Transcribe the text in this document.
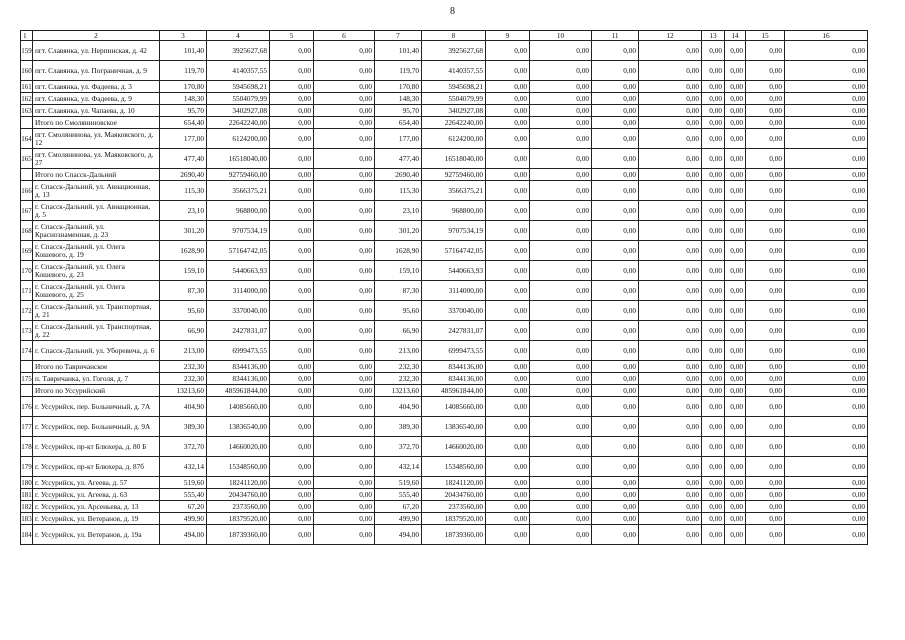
8
1	2	3	4	5	6	7	8	9	10	11	12	13	14	15	16
159	пгт. Славянка, ул. Нерпинская, д. 42	101,40	3925627,68	0,00	0,00	101,40	3925627,68	0,00	0,00	0,00	0,00	0,00	0,00	0,00	0,00
160	пгт. Славянка, ул. Пограничная, д. 9	119,70	4140357,55	0,00	0,00	119,70	4140357,55	0,00	0,00	0,00	0,00	0,00	0,00	0,00	0,00
161	пгт. Славянка, ул. Фадеева, д. 3	170,80	5945698,21	0,00	0,00	170,80	5945698,21	0,00	0,00	0,00	0,00	0,00	0,00	0,00	0,00
162	пгт. Славянка, ул. Фадеева, д. 9	148,30	5504079,99	0,00	0,00	148,30	5504079,99	0,00	0,00	0,00	0,00	0,00	0,00	0,00	0,00
163	пгт. Славянка, ул. Чапаева, д. 10	95,70	3402927,08	0,00	0,00	95,70	3402927,08	0,00	0,00	0,00	0,00	0,00	0,00	0,00	0,00
	Итого по Смоляниновское	654,40	22642240,00	0,00	0,00	654,40	22642240,00	0,00	0,00	0,00	0,00	0,00	0,00	0,00	0,00
164	пгт. Смолянинова, ул. Маяковского, д. 12	177,00	6124200,00	0,00	0,00	177,00	6124200,00	0,00	0,00	0,00	0,00	0,00	0,00	0,00	0,00
165	пгт. Смолянинова, ул. Маяковского, д. 27	477,40	16518040,00	0,00	0,00	477,40	16518040,00	0,00	0,00	0,00	0,00	0,00	0,00	0,00	0,00
	Итого по Спасск-Дальний	2690,40	92759460,00	0,00	0,00	2690,40	92759460,00	0,00	0,00	0,00	0,00	0,00	0,00	0,00	0,00
166	г. Спасск-Дальний, ул. Авиационная, д. 13	115,30	3566375,21	0,00	0,00	115,30	3566375,21	0,00	0,00	0,00	0,00	0,00	0,00	0,00	0,00
167	г. Спасск-Дальний, ул. Авиационная, д. 5	23,10	968800,00	0,00	0,00	23,10	968800,00	0,00	0,00	0,00	0,00	0,00	0,00	0,00	0,00
168	г. Спасск-Дальний, ул. Краснознаменная, д. 23	301,20	9707534,19	0,00	0,00	301,20	9707534,19	0,00	0,00	0,00	0,00	0,00	0,00	0,00	0,00
169	г. Спасск-Дальний, ул. Олега Кошевого, д. 19	1628,90	57164742,05	0,00	0,00	1628,90	57164742,05	0,00	0,00	0,00	0,00	0,00	0,00	0,00	0,00
170	г. Спасск-Дальний, ул. Олега Кошевого, д. 23	159,10	5440663,93	0,00	0,00	159,10	5440663,93	0,00	0,00	0,00	0,00	0,00	0,00	0,00	0,00
171	г. Спасск-Дальний, ул. Олега Кошевого, д. 25	87,30	3114000,00	0,00	0,00	87,30	3114000,00	0,00	0,00	0,00	0,00	0,00	0,00	0,00	0,00
172	г. Спасск-Дальний, ул. Транспортная, д. 21	95,60	3370040,00	0,00	0,00	95,60	3370040,00	0,00	0,00	0,00	0,00	0,00	0,00	0,00	0,00
173	г. Спасск-Дальний, ул. Транспортная, д. 22	66,90	2427831,07	0,00	0,00	66,90	2427831,07	0,00	0,00	0,00	0,00	0,00	0,00	0,00	0,00
174	г. Спасск-Дальний, ул. Уборевича, д. 6	213,00	6999473,55	0,00	0,00	213,00	6999473,55	0,00	0,00	0,00	0,00	0,00	0,00	0,00	0,00
	Итого по Тавричанское	232,30	8344136,00	0,00	0,00	232,30	8344136,00	0,00	0,00	0,00	0,00	0,00	0,00	0,00	0,00
175	п. Тавричанка, ул. Гоголя, д. 7	232,30	8344136,00	0,00	0,00	232,30	8344136,00	0,00	0,00	0,00	0,00	0,00	0,00	0,00	0,00
	Итого по Уссурийский	13213,60	485961844,00	0,00	0,00	13213,60	485961844,00	0,00	0,00	0,00	0,00	0,00	0,00	0,00	0,00
176	г. Уссурийск, пер. Больничный, д. 7А	404,90	14085660,00	0,00	0,00	404,90	14085660,00	0,00	0,00	0,00	0,00	0,00	0,00	0,00	0,00
177	г. Уссурийск, пер. Больничный, д. 9А	389,30	13836540,00	0,00	0,00	389,30	13836540,00	0,00	0,00	0,00	0,00	0,00	0,00	0,00	0,00
178	г. Уссурийск, пр-кт Блюхера, д. 80 Б	372,70	14660020,00	0,00	0,00	372,70	14660020,00	0,00	0,00	0,00	0,00	0,00	0,00	0,00	0,00
179	г. Уссурийск, пр-кт Блюхера, д. 87б	432,14	15348560,00	0,00	0,00	432,14	15348560,00	0,00	0,00	0,00	0,00	0,00	0,00	0,00	0,00
180	г. Уссурийск, ул. Агеева, д. 57	519,60	18241120,00	0,00	0,00	519,60	18241120,00	0,00	0,00	0,00	0,00	0,00	0,00	0,00	0,00
181	г. Уссурийск, ул. Агеева, д. 63	555,40	20434760,00	0,00	0,00	555,40	20434760,00	0,00	0,00	0,00	0,00	0,00	0,00	0,00	0,00
182	г. Уссурийск, ул. Арсеньева, д. 13	67,20	2373560,00	0,00	0,00	67,20	2373560,00	0,00	0,00	0,00	0,00	0,00	0,00	0,00	0,00
183	г. Уссурийск, ул. Ветеранов, д. 19	499,90	18379520,00	0,00	0,00	499,90	18379520,00	0,00	0,00	0,00	0,00	0,00	0,00	0,00	0,00
184	г. Уссурийск, ул. Ветеранов, д. 19а	494,00	18739360,00	0,00	0,00	494,00	18739360,00	0,00	0,00	0,00	0,00	0,00	0,00	0,00	0,00
